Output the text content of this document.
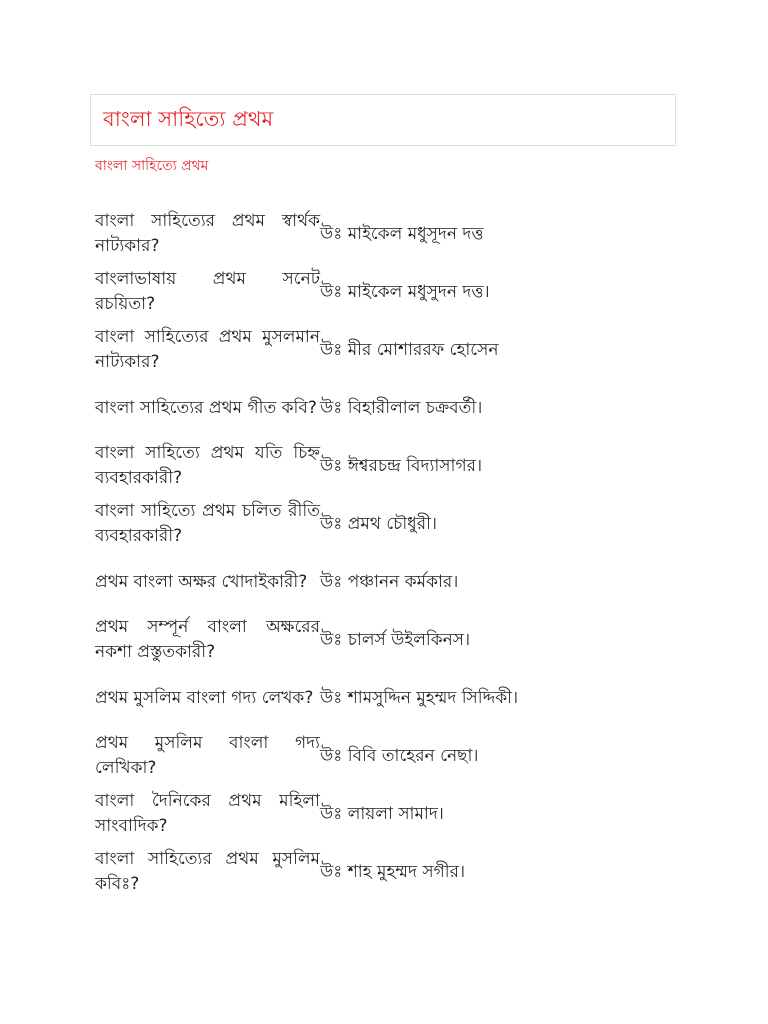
বাংলা সাহিত্যে প্রথম
বাংলা সাহিত্যে প্রথম
বাংলা সাহিত্যের প্রথম স্বার্থক নাট্যকার?	উঃ মাইকেল মধুসূদন দত্ত
বাংলাভাষায় প্রথম সনেট রচয়িতা?	উঃ মাইকেল মধুসুদন দত্ত।
বাংলা সাহিত্যের প্রথম মুসলমান নাট্যকার?	উঃ মীর মোশাররফ হোসেন
বাংলা সাহিত্যের প্রথম গীত কবি?	উঃ বিহারীলাল চক্রবর্তী।
বাংলা সাহিত্যে প্রথম যতি চিহ্ন ব্যবহারকারী?	উঃ ঈশ্বরচন্দ্র বিদ্যাসাগর।
বাংলা সাহিত্যে প্রথম চলিত রীতি ব্যবহারকারী?	উঃ প্রমথ চৌধুরী।
প্রথম বাংলা অক্ষর খোদাইকারী?	উঃ পঞ্চানন কর্মকার।
প্রথম সম্পূর্ন বাংলা অক্ষরের নকশা প্রস্তুতকারী?	উঃ চালর্স উইলকিনস।
প্রথম মুসলিম বাংলা গদ্য লেখক?	উঃ শামসুদ্দিন মুহম্মদ সিদ্দিকী।
প্রথম মুসলিম বাংলা গদ্য লেখিকা?	উঃ বিবি তাহেরন নেছা।
বাংলা দৈনিকের প্রথম মহিলা সাংবাদিক?	উঃ লায়লা সামাদ।
বাংলা সাহিত্যের প্রথম মুসলিম কবিঃ?	উঃ শাহ মুহম্মদ সগীর।
